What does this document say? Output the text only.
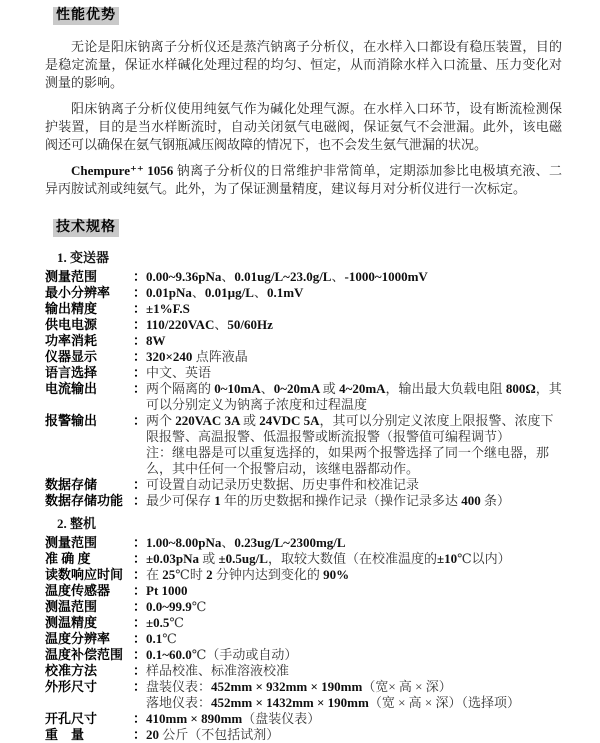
性能优势

无论是阳床钠离子分析仪还是蒸汽钠离子分析仪，在水样入口都设有稳压装置，目的是稳定流量，保证水样碱化处理过程的均匀、恒定，从而消除水样入口流量、压力变化对测量的影响。

阳床钠离子分析仪使用纯氨气作为碱化处理气源。在水样入口环节，设有断流检测保护装置，目的是当水样断流时，自动关闭氨气电磁阀，保证氨气不会泄漏。此外，该电磁阀还可以确保在氨气钢瓶减压阀故障的情况下，也不会发生氨气泄漏的状况。

Chempure⁺⁺ 1056 钠离子分析仪的日常维护非常简单，定期添加参比电极填充液、二异丙胺试剂或纯氨气。此外，为了保证测量精度，建议每月对分析仪进行一次标定。

技术规格
1. 变送器
测量范围	： 0.00~9.36pNa、0.01ug/L~23.0g/L、-1000~1000mV
最小分辨率	： 0.01pNa、0.01µg/L、0.1mV
输出精度	： ±1%F.S
供电电源	： 110/220VAC、50/60Hz
功率消耗	： 8W
仪器显示	： 320×240 点阵液晶
语言选择	： 中文、英语
电流输出	： 两个隔离的 0~10mA、0~20mA 或 4~20mA，输出最大负载电阻 800Ω，其可以分别定义为钠离子浓度和过程温度
报警输出	： 两个 220VAC 3A 或 24VDC 5A，其可以分别定义浓度上限报警、浓度下限报警、高温报警、低温报警或断流报警（报警值可编程调节）
注：继电器是可以重复选择的，如果两个报警选择了同一个继电器，那么，其中任何一个报警启动，该继电器都动作。
数据存储	： 可设置自动记录历史数据、历史事件和校准记录
数据存储功能 ： 最少可保存 1 年的历史数据和操作记录（操作记录多达 400 条）
2. 整机
测量范围	： 1.00~8.00pNa、0.23ug/L~2300mg/L
准 确 度	： ±0.03pNa 或 ±0.5ug/L，取较大数值（在校准温度的±10℃以内）
读数响应时间 ： 在 25℃时 2 分钟内达到变化的 90%
温度传感器	： Pt 1000
测温范围	： 0.0~99.9℃
测温精度	： ±0.5℃
温度分辨率	： 0.1℃
温度补偿范围 ： 0.1~60.0℃（手动或自动）
校准方法	： 样品校准、标准溶液校准
外形尺寸	： 盘装仪表：452mm × 932mm × 190mm（宽× 高 × 深）
落地仪表：452mm × 1432mm × 190mm（宽 × 高 × 深）（选择项）
开孔尺寸	： 410mm × 890mm（盘装仪表）
重　量	： 20 公斤（不包括试剂）
